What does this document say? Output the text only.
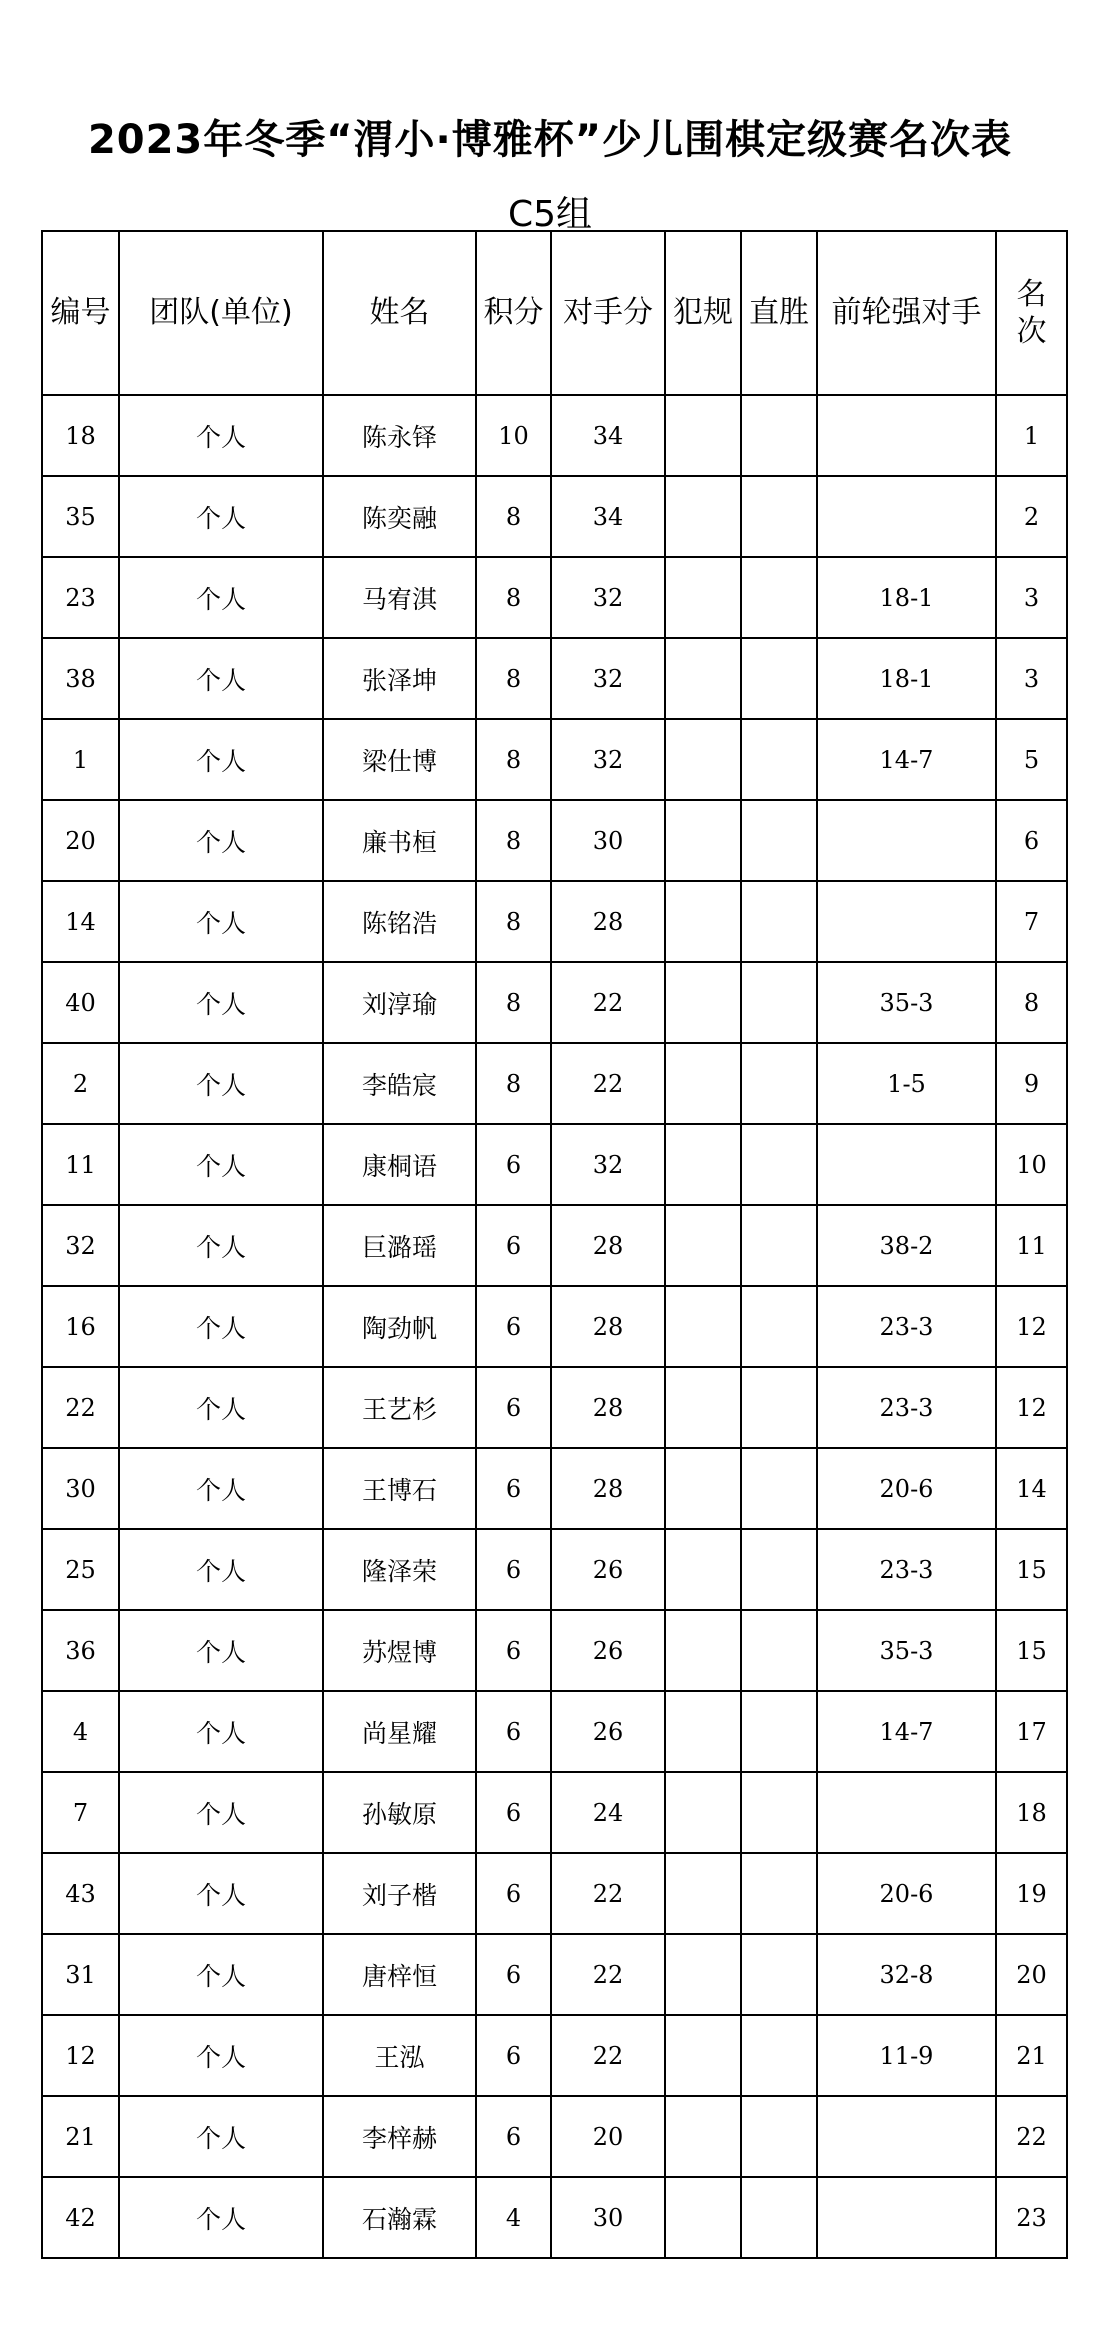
2023年冬季“渭小·博雅杯”少儿围棋定级赛名次表
C5组
编号	团队(单位)	姓名	积分	对手分	犯规	直胜	前轮强对手	名次
18	个人	陈永铎	10	34				1
35	个人	陈奕融	8	34				2
23	个人	马宥淇	8	32			18-1	3
38	个人	张泽坤	8	32			18-1	3
1	个人	梁仕博	8	32			14-7	5
20	个人	廉书桓	8	30				6
14	个人	陈铭浩	8	28				7
40	个人	刘淳瑜	8	22			35-3	8
2	个人	李皓宸	8	22			1-5	9
11	个人	康桐语	6	32				10
32	个人	巨潞瑶	6	28			38-2	11
16	个人	陶劲帆	6	28			23-3	12
22	个人	王艺杉	6	28			23-3	12
30	个人	王博石	6	28			20-6	14
25	个人	隆泽荣	6	26			23-3	15
36	个人	苏煜博	6	26			35-3	15
4	个人	尚星耀	6	26			14-7	17
7	个人	孙敏原	6	24				18
43	个人	刘子楷	6	22			20-6	19
31	个人	唐梓恒	6	22			32-8	20
12	个人	王泓	6	22			11-9	21
21	个人	李梓赫	6	20				22
42	个人	石瀚霖	4	30				23
